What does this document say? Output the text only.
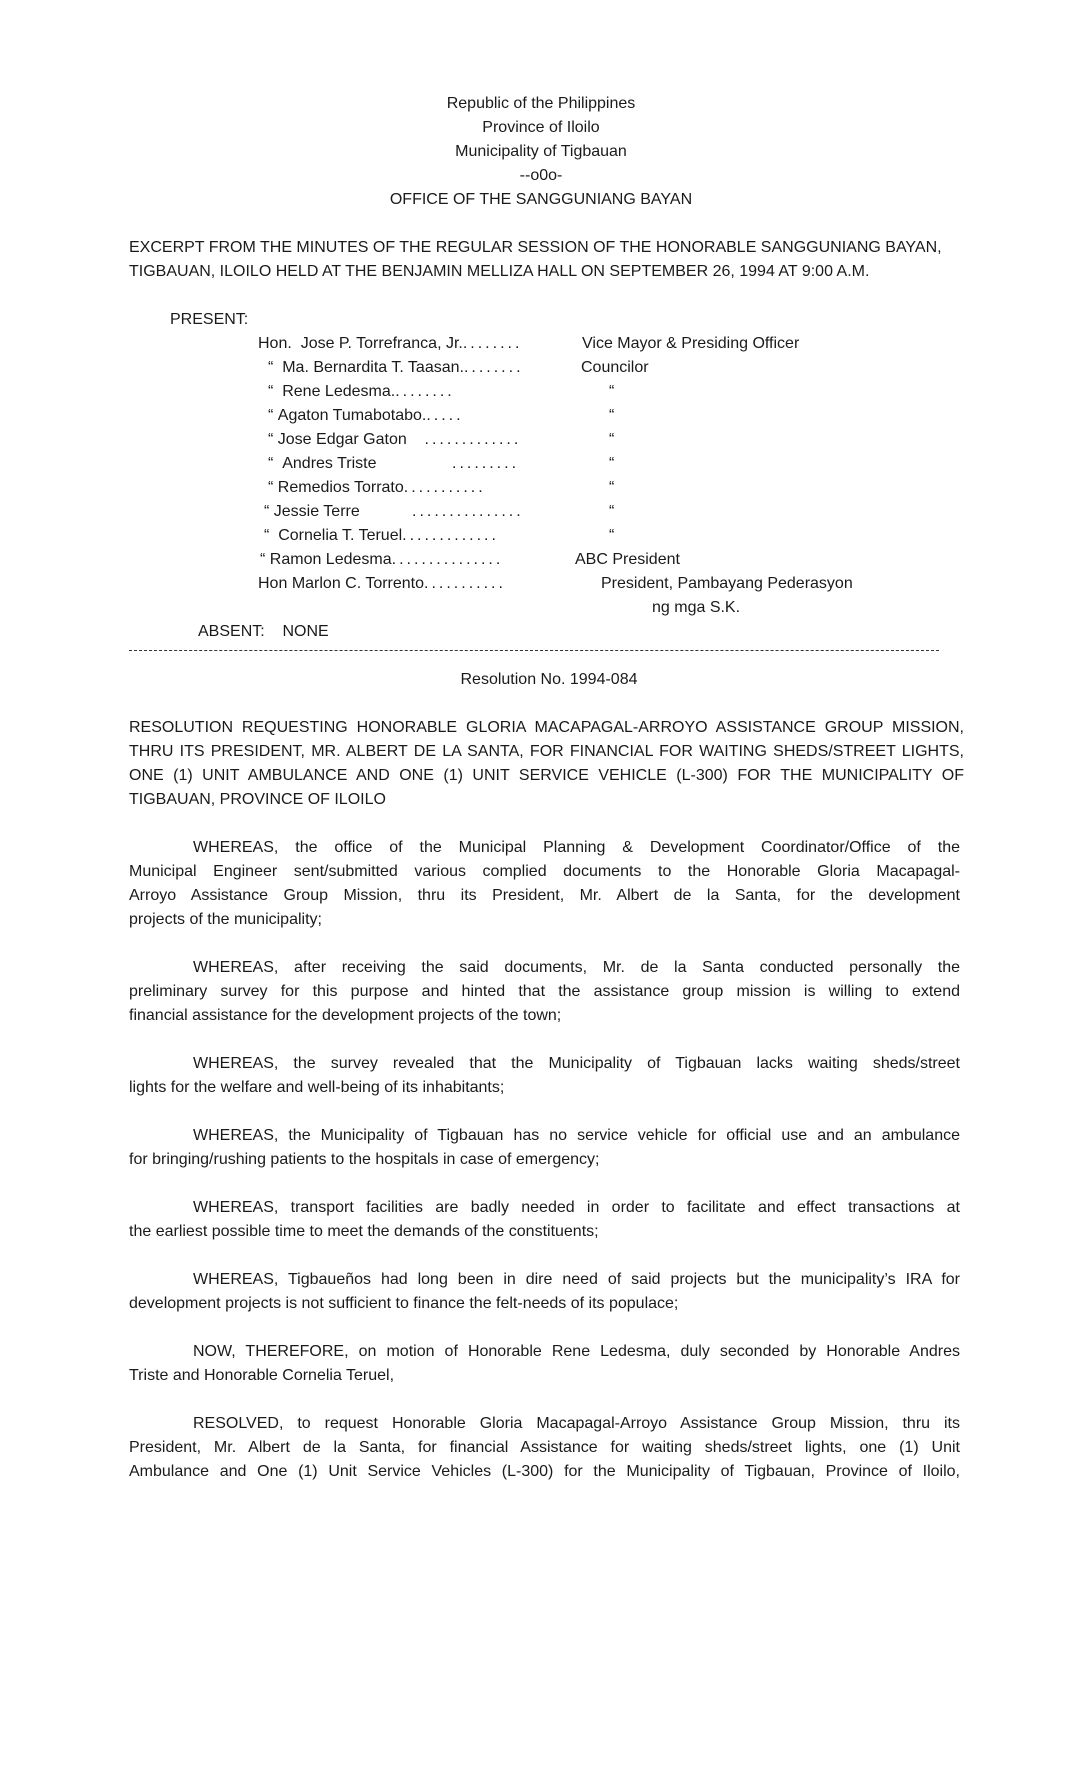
Republic of the Philippines
Province of Iloilo
Municipality of Tigbauan
--o0o-
OFFICE OF THE SANGGUNIANG BAYAN
EXCERPT FROM THE MINUTES OF THE REGULAR SESSION OF THE HONORABLE SANGGUNIANG BAYAN,
TIGBAUAN, ILOILO HELD AT THE BENJAMIN MELLIZA HALL ON SEPTEMBER 26, 1994 AT 9:00 A.M.
PRESENT:
Hon. Jose P. Torrefranca, Jr.........	Vice Mayor & Presiding Officer
“ Ma. Bernardita T. Taasan.........	Councilor
“ Rene Ledesma.........	“
“ Agaton Tumabotabo......	“
“ Jose Edgar Gaton .............	“
“ Andres Triste	.........	“
“ Remedios Torrato...........	“
“ Jessie Terre	...............	“
“ Cornelia T. Teruel.............	“
“ Ramon Ledesma...............	ABC President
Hon Marlon C. Torrento...........	President, Pambayang Pederasyon
ng mga S.K.
ABSENT: NONE
Resolution No. 1994-084
RESOLUTION REQUESTING HONORABLE GLORIA MACAPAGAL-ARROYO ASSISTANCE GROUP MISSION,
THRU ITS PRESIDENT, MR. ALBERT DE LA SANTA, FOR FINANCIAL FOR WAITING SHEDS/STREET LIGHTS,
ONE (1) UNIT AMBULANCE AND ONE (1) UNIT SERVICE VEHICLE (L-300) FOR THE MUNICIPALITY OF
TIGBAUAN, PROVINCE OF ILOILO
WHEREAS, the office of the Municipal Planning & Development Coordinator/Office of the
Municipal Engineer sent/submitted various complied documents to the Honorable Gloria Macapagal-
Arroyo Assistance Group Mission, thru its President, Mr. Albert de la Santa, for the development
projects of the municipality;
WHEREAS, after receiving the said documents, Mr. de la Santa conducted personally the
preliminary survey for this purpose and hinted that the assistance group mission is willing to extend
financial assistance for the development projects of the town;
WHEREAS, the survey revealed that the Municipality of Tigbauan lacks waiting sheds/street
lights for the welfare and well-being of its inhabitants;
WHEREAS, the Municipality of Tigbauan has no service vehicle for official use and an ambulance
for bringing/rushing patients to the hospitals in case of emergency;
WHEREAS, transport facilities are badly needed in order to facilitate and effect transactions at
the earliest possible time to meet the demands of the constituents;
WHEREAS, Tigbaueños had long been in dire need of said projects but the municipality’s IRA for
development projects is not sufficient to finance the felt-needs of its populace;
NOW, THEREFORE, on motion of Honorable Rene Ledesma, duly seconded by Honorable Andres
Triste and Honorable Cornelia Teruel,
RESOLVED, to request Honorable Gloria Macapagal-Arroyo Assistance Group Mission, thru its
President, Mr. Albert de la Santa, for financial Assistance for waiting sheds/street lights, one (1) Unit
Ambulance and One (1) Unit Service Vehicles (L-300) for the Municipality of Tigbauan, Province of Iloilo,
